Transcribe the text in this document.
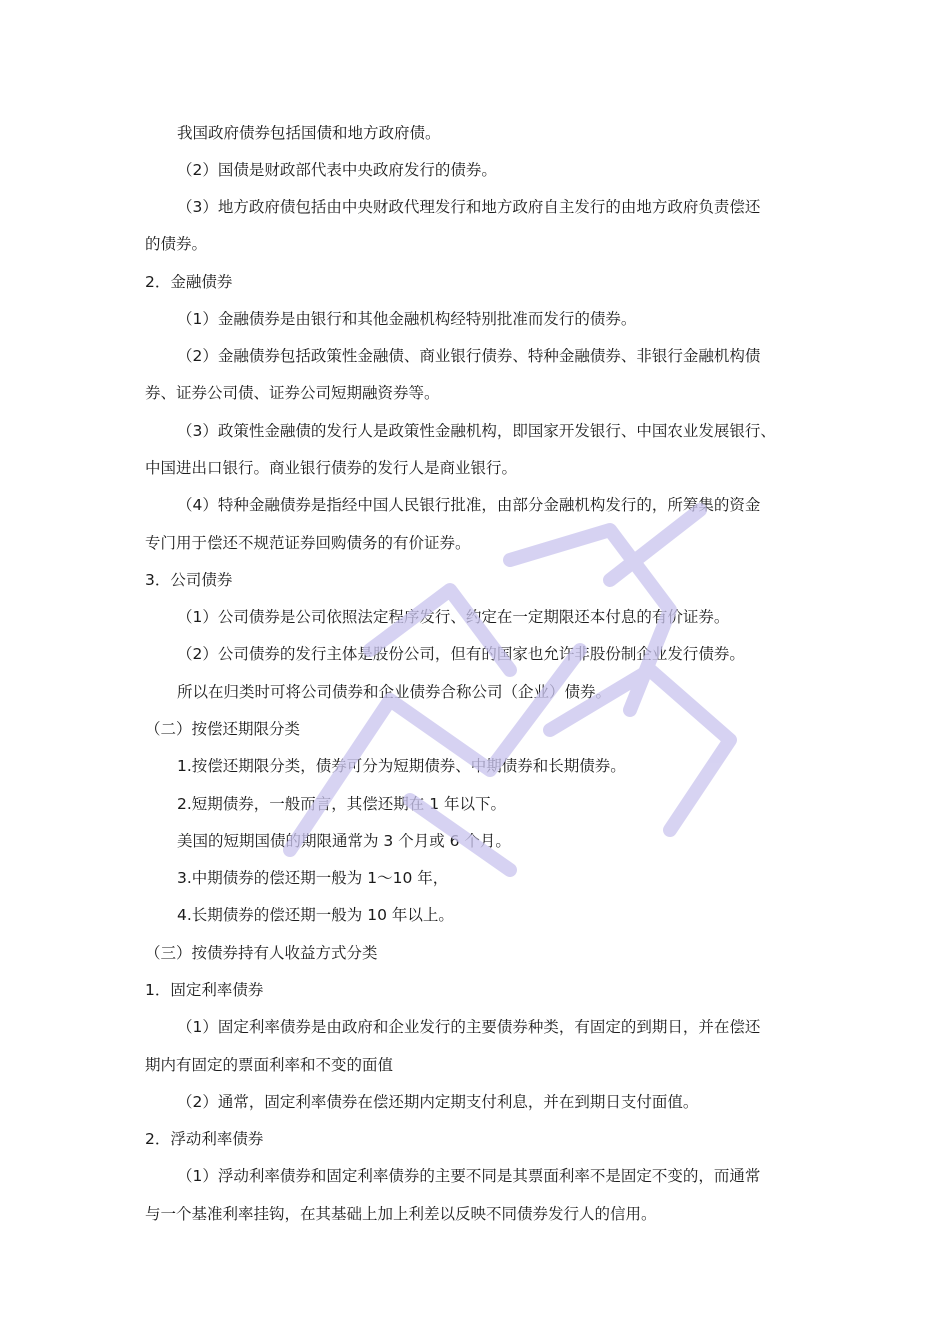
我国政府债券包括国债和地方政府债。
（2）国债是财政部代表中央政府发行的债券。
（3）地方政府债包括由中央财政代理发行和地方政府自主发行的由地方政府负责偿还
的债券。
2．金融债券
（1）金融债券是由银行和其他金融机构经特别批准而发行的债券。
（2）金融债券包括政策性金融债、商业银行债券、特种金融债券、非银行金融机构债
券、证券公司债、证券公司短期融资券等。
（3）政策性金融债的发行人是政策性金融机构，即国家开发银行、中国农业发展银行、
中国进出口银行。商业银行债券的发行人是商业银行。
（4）特种金融债券是指经中国人民银行批准，由部分金融机构发行的，所筹集的资金
专门用于偿还不规范证券回购债务的有价证券。
3．公司债券
（1）公司债券是公司依照法定程序发行、约定在一定期限还本付息的有价证券。
（2）公司债券的发行主体是股份公司，但有的国家也允许非股份制企业发行债券。
所以在归类时可将公司债券和企业债券合称公司（企业）债券。
（二）按偿还期限分类
1.按偿还期限分类，债券可分为短期债券、中期债券和长期债券。
2.短期债券，一般而言，其偿还期在 1 年以下。
美国的短期国债的期限通常为 3 个月或 6 个月。
3.中期债券的偿还期一般为 1～10 年，
4.长期债券的偿还期一般为 10 年以上。
（三）按债券持有人收益方式分类
1．固定利率债券
（1）固定利率债券是由政府和企业发行的主要债券种类，有固定的到期日，并在偿还
期内有固定的票面利率和不变的面值
（2）通常，固定利率债券在偿还期内定期支付利息，并在到期日支付面值。
2．浮动利率债券
（1）浮动利率债券和固定利率债券的主要不同是其票面利率不是固定不变的，而通常
与一个基准利率挂钩，在其基础上加上利差以反映不同债券发行人的信用。
